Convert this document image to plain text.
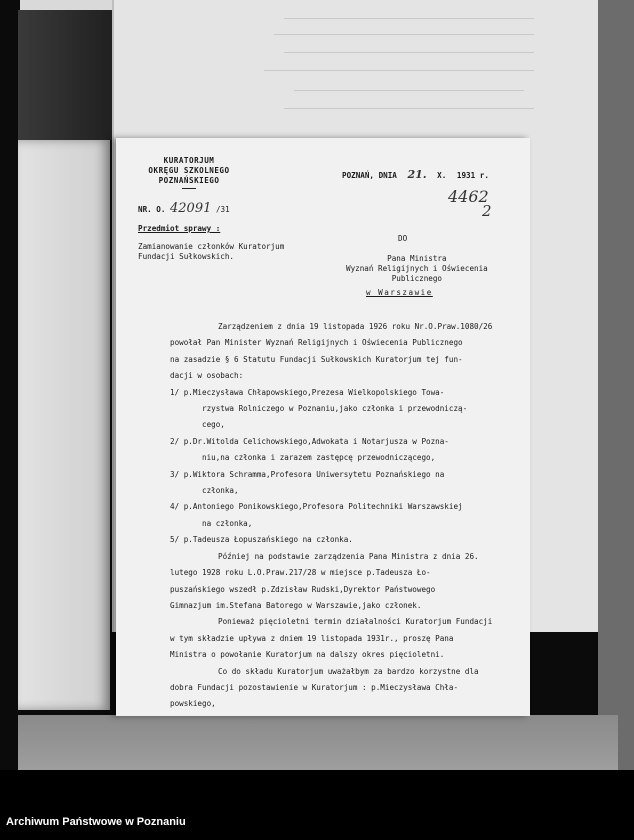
KURATORJUM
OKRĘGU SZKOLNEGO
POZNAŃSKIEGO
POZNAŃ, DNIA 21. X. 1931 r.
NR. O. 42091 /31
4462
2
Przedmiot sprawy :
Zamianowanie członków Kuratorjum
Fundacji Sułkowskich.
DO
Pana Ministra
Wyznań Religijnych i Oświecenia
Publicznego
w Warszawie

Zarządzeniem z dnia 19 listopada 1926 roku Nr.O.Praw.1080/26

powołał Pan Minister Wyznań Religijnych i Oświecenia Publicznego

na zasadzie § 6 Statutu Fundacji Sułkowskich Kuratorjum tej fun-

dacji w osobach:

1/ p.Mieczysława Chłapowskiego,Prezesa Wielkopolskiego Towa-

rzystwa Rolniczego w Poznaniu,jako członka i przewodniczą-

cego,

2/ p.Dr.Witolda Celichowskiego,Adwokata i Notarjusza w Pozna-

niu,na członka i zarazem zastępcę przewodniczącego,

3/ p.Wiktora Schramma,Profesora Uniwersytetu Poznańskiego na

członka,

4/ p.Antoniego Ponikowskiego,Profesora Politechniki Warszawskiej

na członka,

5/ p.Tadeusza Łopuszańskiego na członka.

Później na podstawie zarządzenia Pana Ministra z dnia 26.

lutego 1928 roku L.O.Praw.217/28 w miejsce p.Tadeusza Ło-

puszańskiego wszedł p.Zdzisław Rudski,Dyrektor Państwowego

Gimnazjum im.Stefana Batorego w Warszawie,jako członek.

Ponieważ pięcioletni termin działalności Kuratorjum Fundacji

w tym składzie upływa z dniem 19 listopada 1931r., proszę Pana

Ministra o powołanie Kuratorjum na dalszy okres pięcioletni.

Co do składu Kuratorjum uważałbym za bardzo korzystne dla

dobra Fundacji pozostawienie w Kuratorjum : p.Mieczysława Chła-

powskiego,

Archiwum Państwowe w Poznaniu
